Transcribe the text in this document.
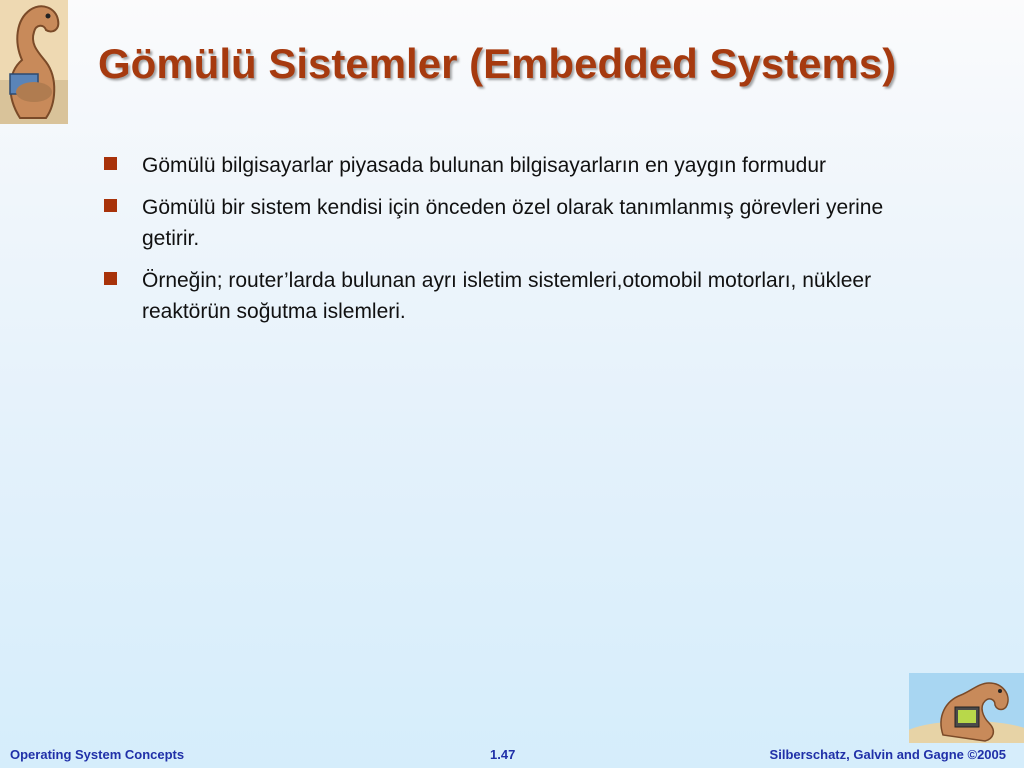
Gömülü Sistemler (Embedded Systems)
Gömülü bilgisayarlar piyasada bulunan bilgisayarların en yaygın formudur
Gömülü bir sistem kendisi için önceden özel olarak tanımlanmış görevleri yerine getirir.
Örneğin; router’larda bulunan ayrı isletim sistemleri,otomobil motorları, nükleer reaktörün soğutma islemleri.
Operating System Concepts	1.47	Silberschatz, Galvin and Gagne ©2005
